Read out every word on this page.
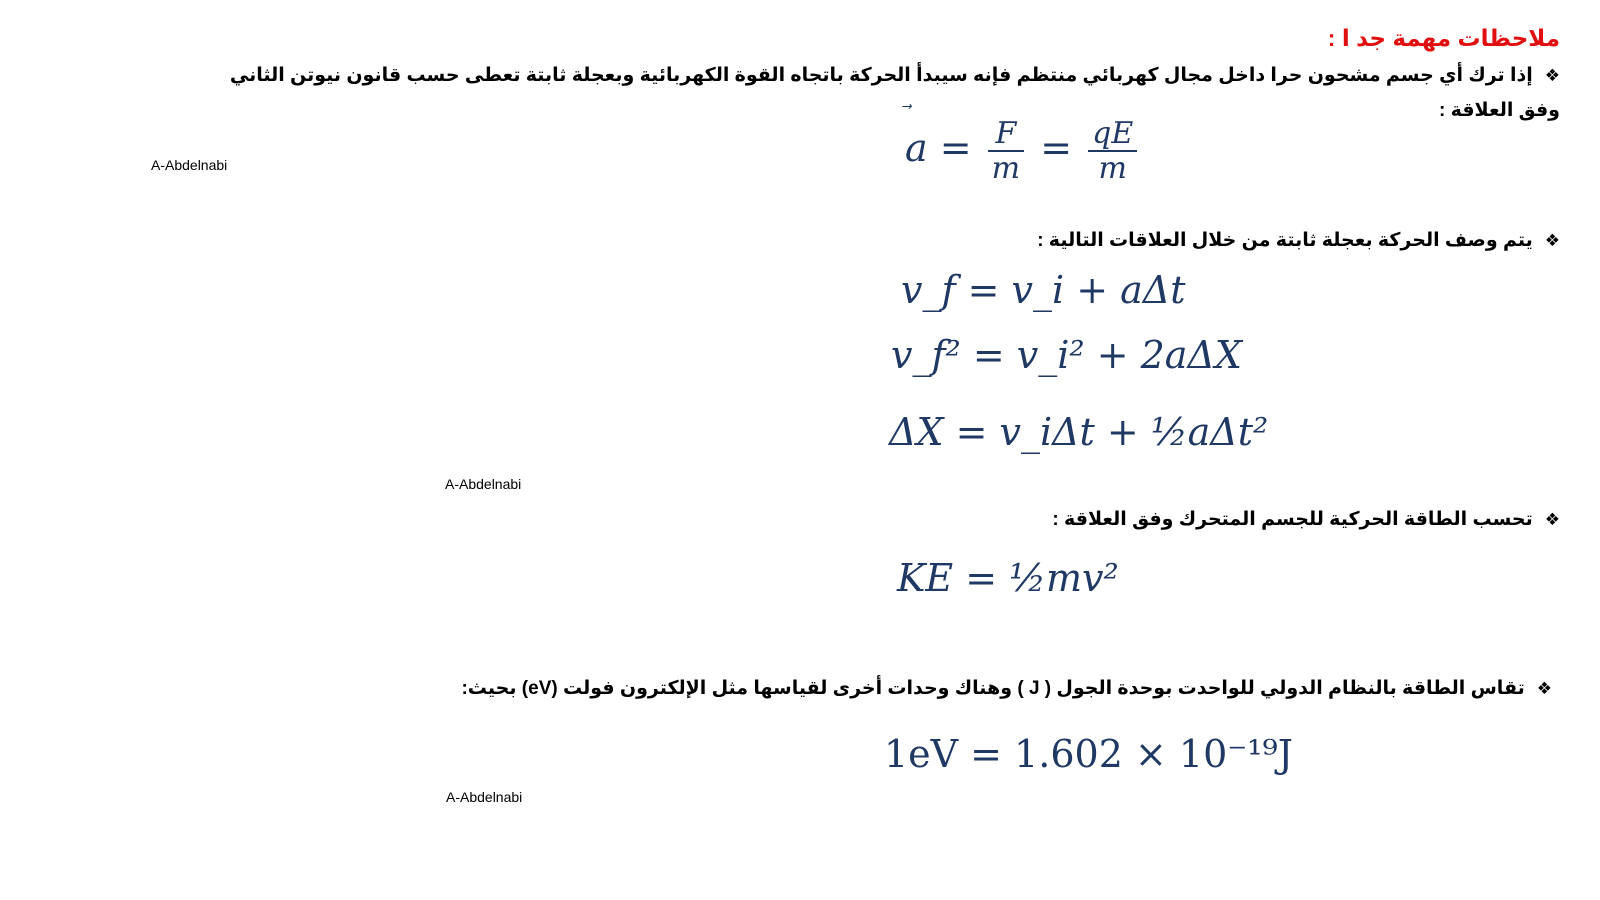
ملاحظات مهمة جد ا :
❖إذا ترك أي جسم مشحون حرا داخل مجال كهربائي منتظم فإنه سيبدأ الحركة باتجاه القوة الكهربائية وبعجلة ثابتة تعطى حسب قانون نيوتن الثاني
وفق العلاقة :
A-Abdelnabi	a
= $\frac{F}{m} = \frac{qE}{m}$
❖يتم وصف الحركة بعجلة ثابتة من خلال العلاقات التالية :
v_f = v_i + aΔt
v_f² = v_i² + 2aΔX
ΔX = v_iΔt + ½aΔt²
A-Abdelnabi
❖تحسب الطاقة الحركية للجسم المتحرك وفق العلاقة :
KE = ½mv²
❖تقاس الطاقة بالنظام الدولي للواحدت بوحدة الجول ( J ) وهناك وحدات أخرى لقياسها مثل الإلكترون فولت (eV) بحيث:
1eV = 1.602 × 10⁻¹⁹J
A-Abdelnabi
